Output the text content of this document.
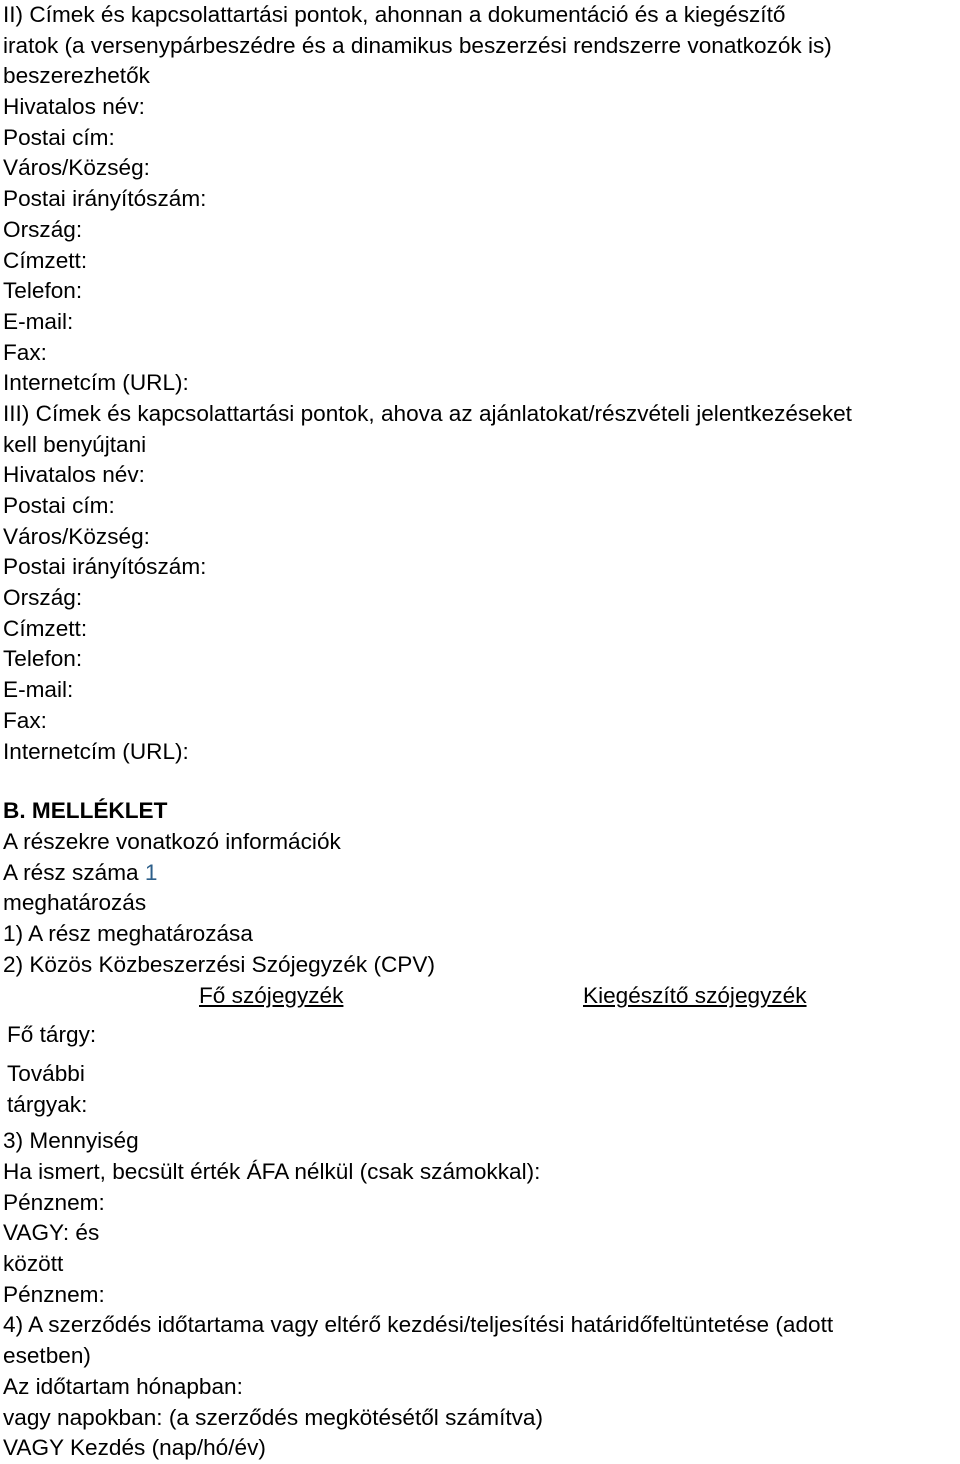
II) Címek és kapcsolattartási pontok, ahonnan a dokumentáció és a kiegészítő
iratok (a versenypárbeszédre és a dinamikus beszerzési rendszerre vonatkozók is)
beszerezhetők
Hivatalos név:
Postai cím:
Város/Község:
Postai irányítószám:
Ország:
Címzett:
Telefon:
E-mail:
Fax:
Internetcím (URL):
III) Címek és kapcsolattartási pontok, ahova az ajánlatokat/részvételi jelentkezéseket
kell benyújtani
Hivatalos név:
Postai cím:
Város/Község:
Postai irányítószám:
Ország:
Címzett:
Telefon:
E-mail:
Fax:
Internetcím (URL):
B. MELLÉKLET
A részekre vonatkozó információk
A rész száma 1
meghatározás
1) A rész meghatározása
2) Közös Közbeszerzési Szójegyzék (CPV)
Fő szójegyzék	Kiegészítő szójegyzék
Fő tárgy:
További
tárgyak:
3) Mennyiség
Ha ismert, becsült érték ÁFA nélkül (csak számokkal):
Pénznem:
VAGY: és
között
Pénznem:
4) A szerződés időtartama vagy eltérő kezdési/teljesítési határidőfeltüntetése (adott
esetben)
Az időtartam hónapban:
vagy napokban: (a szerződés megkötésétől számítva)
VAGY Kezdés (nap/hó/év)
